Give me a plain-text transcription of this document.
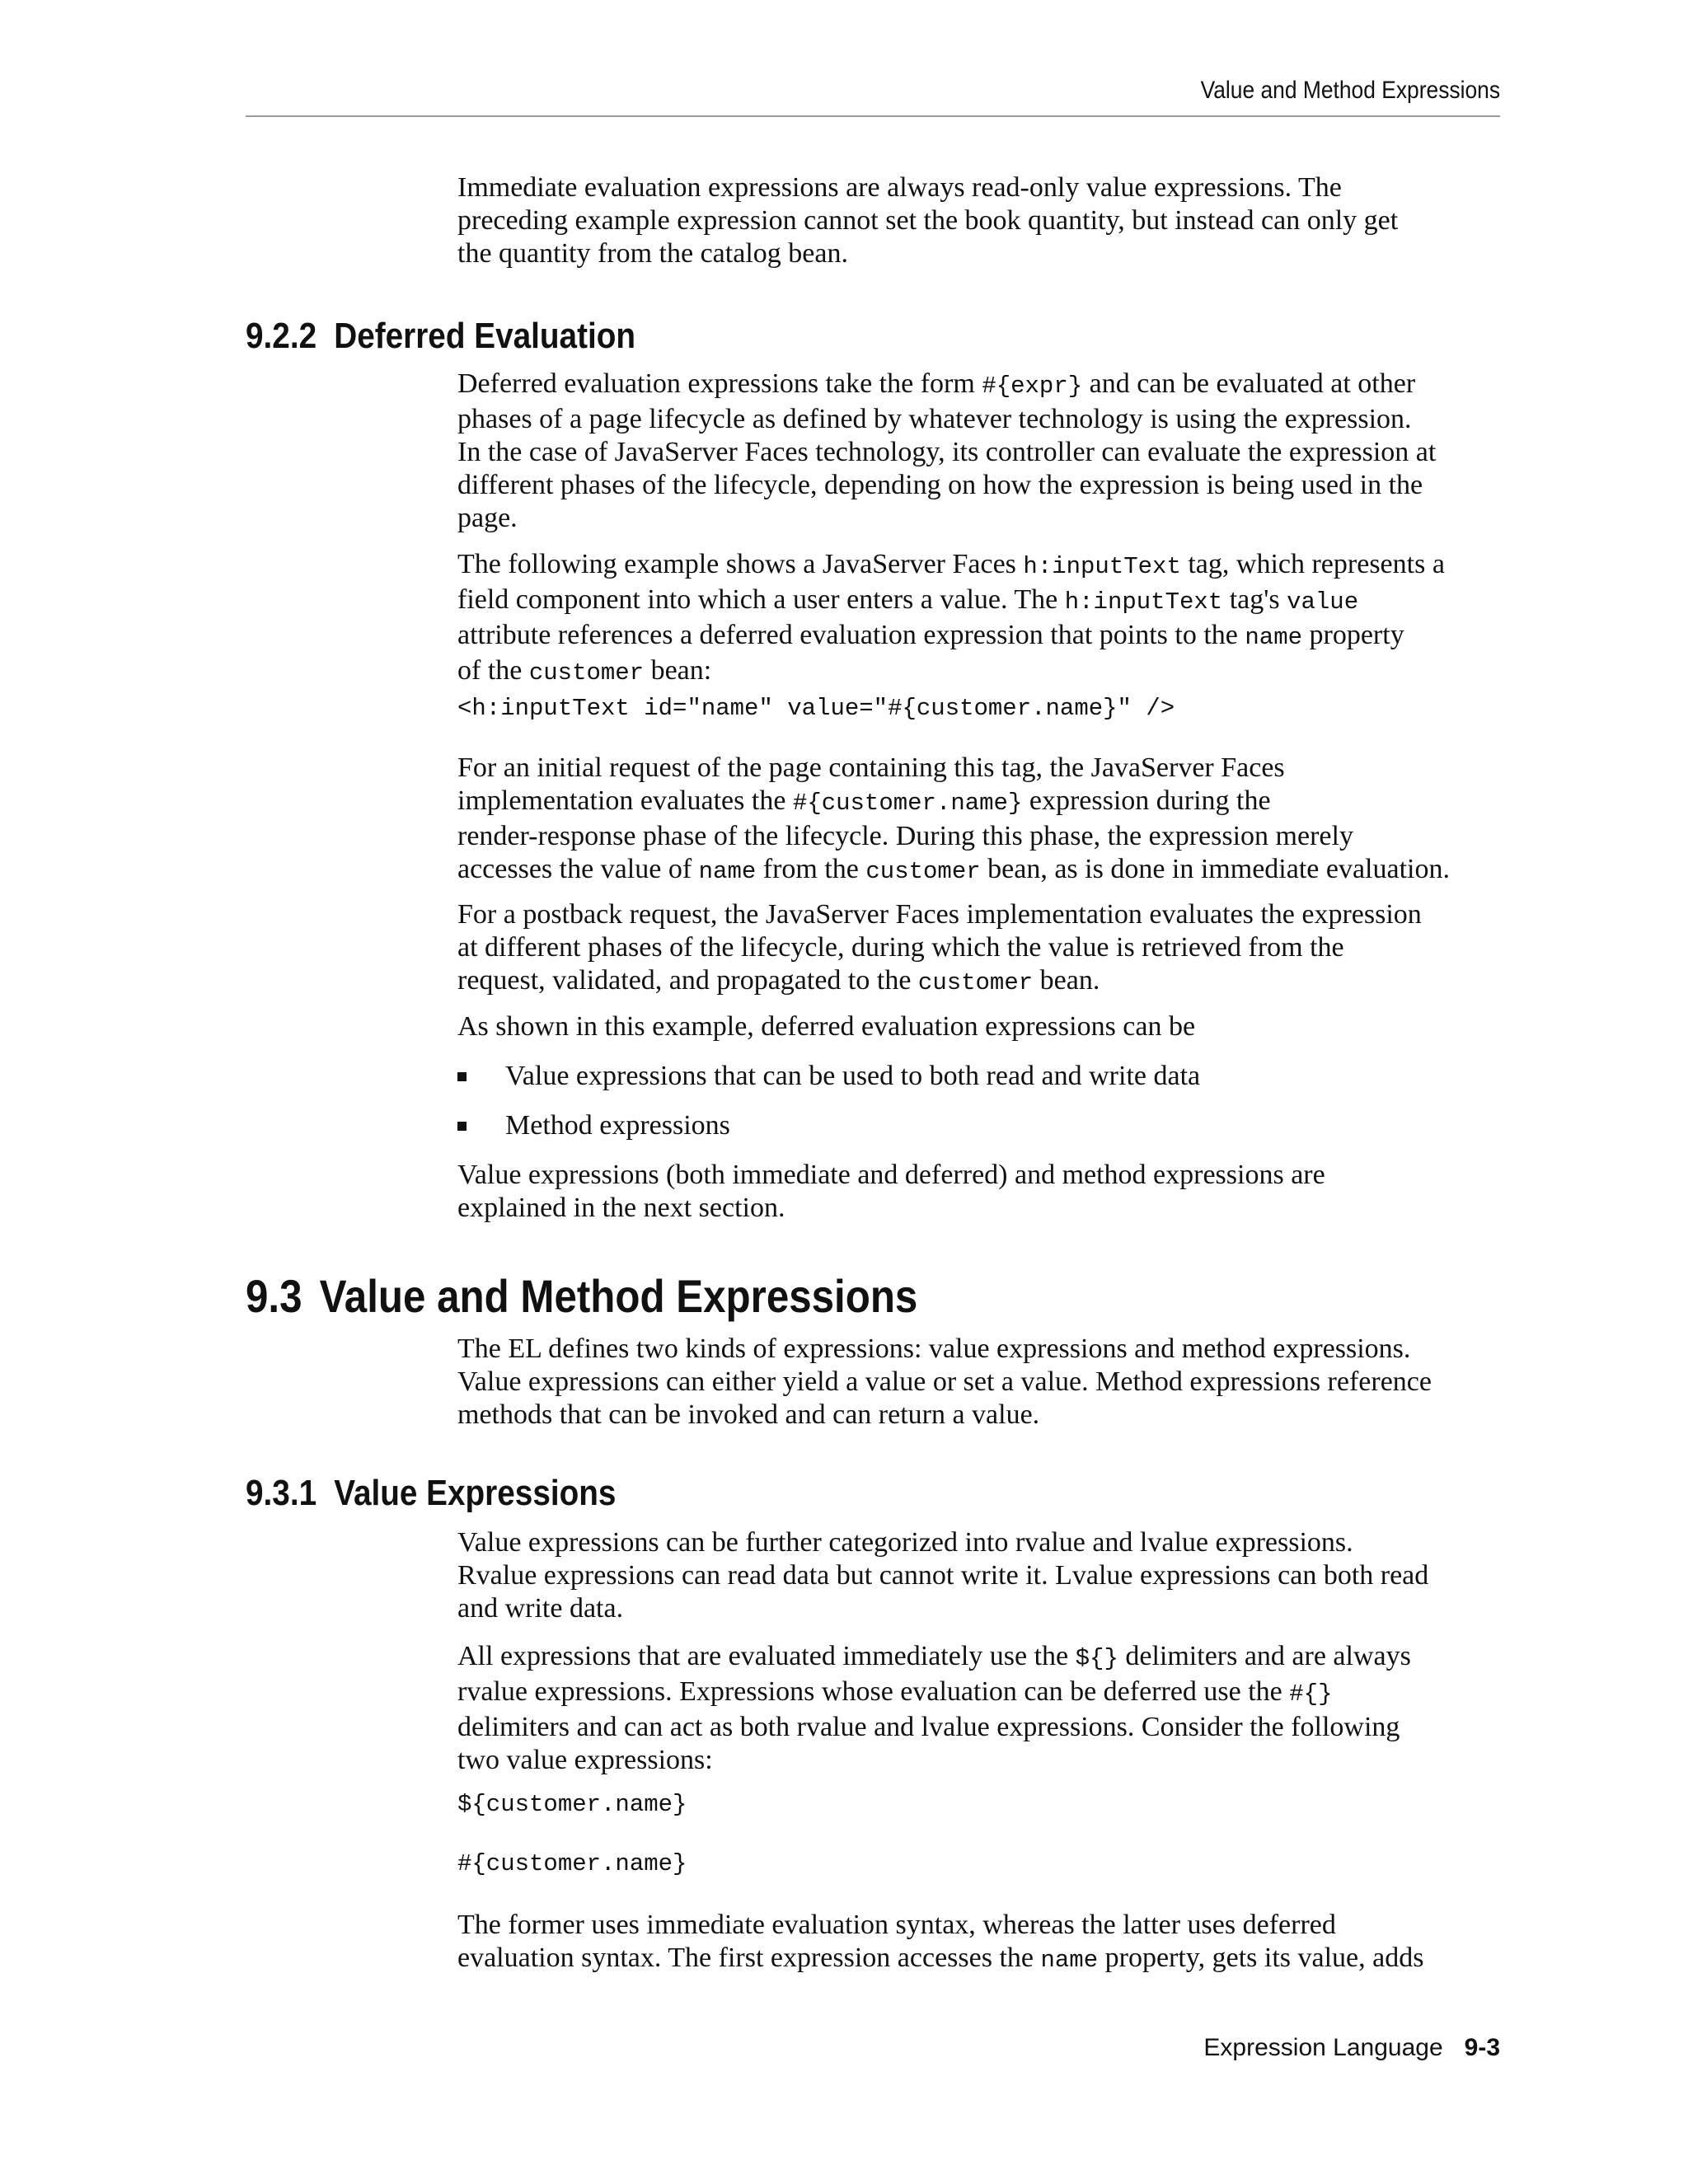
Value and Method Expressions

Immediate evaluation expressions are always read-only value expressions. The

preceding example expression cannot set the book quantity, but instead can only get

the quantity from the catalog bean.

9.2.2 Deferred Evaluation

Deferred evaluation expressions take the form #{expr} and can be evaluated at other

phases of a page lifecycle as defined by whatever technology is using the expression.

In the case of JavaServer Faces technology, its controller can evaluate the expression at

different phases of the lifecycle, depending on how the expression is being used in the

page.

The following example shows a JavaServer Faces h:inputText tag, which represents a

field component into which a user enters a value. The h:inputText tag's value

attribute references a deferred evaluation expression that points to the name property

of the customer bean:

<h:inputText id="name" value="#{customer.name}" />

For an initial request of the page containing this tag, the JavaServer Faces

implementation evaluates the #{customer.name} expression during the

render-response phase of the lifecycle. During this phase, the expression merely

accesses the value of name from the customer bean, as is done in immediate evaluation.

For a postback request, the JavaServer Faces implementation evaluates the expression

at different phases of the lifecycle, during which the value is retrieved from the

request, validated, and propagated to the customer bean.

As shown in this example, deferred evaluation expressions can be

Value expressions that can be used to both read and write data
Method expressions

Value expressions (both immediate and deferred) and method expressions are

explained in the next section.

9.3 Value and Method Expressions

The EL defines two kinds of expressions: value expressions and method expressions.

Value expressions can either yield a value or set a value. Method expressions reference

methods that can be invoked and can return a value.

9.3.1 Value Expressions

Value expressions can be further categorized into rvalue and lvalue expressions.

Rvalue expressions can read data but cannot write it. Lvalue expressions can both read

and write data.

All expressions that are evaluated immediately use the ${} delimiters and are always

rvalue expressions. Expressions whose evaluation can be deferred use the #{}

delimiters and can act as both rvalue and lvalue expressions. Consider the following

two value expressions:

${customer.name}
#{customer.name}

The former uses immediate evaluation syntax, whereas the latter uses deferred

evaluation syntax. The first expression accesses the name property, gets its value, adds

Expression Language 9-3
